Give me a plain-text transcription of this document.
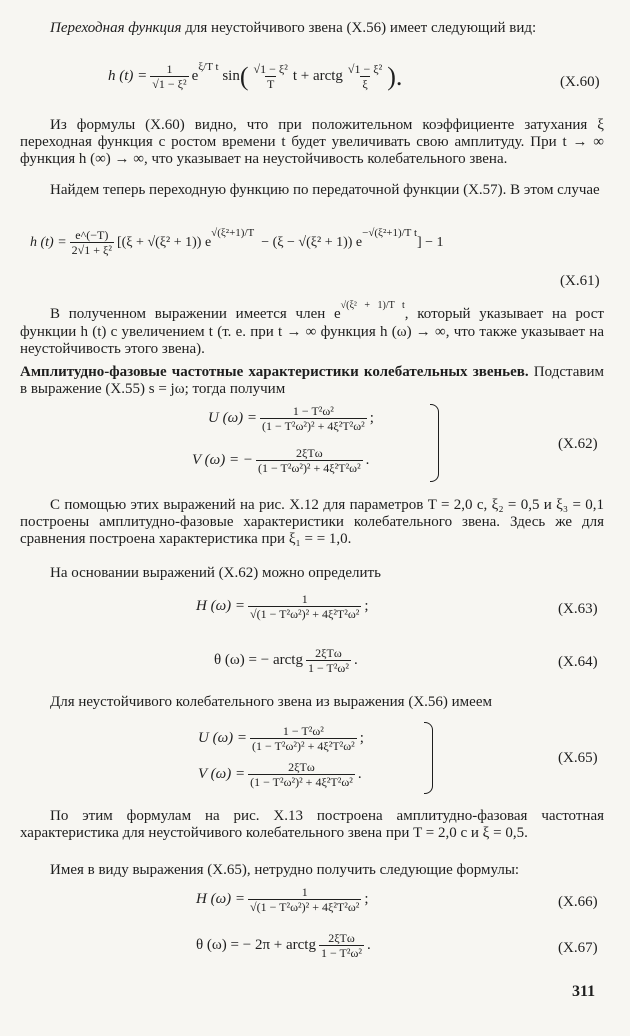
Переходная функция для неустойчивого звена (X.56) имеет следующий вид:
h $(t) = \frac{1}{\text{√1 − ξ²}}$ e
ξ/T t

sin ( $\frac{\text{√1 − ξ²}}{T}$ t + arctg $\frac{\text{√1 − ξ²}}{\xi}$ ).	(X.60)
Из формулы (X.60) видно, что при положительном коэффициенте затухания ξ переходная функция с ростом времени t будет увеличивать свою амплитуду. При t → ∞ функция h (∞) → ∞, что указывает на неустойчивость колебательного звена.
Найдем теперь переходную функцию по передаточной функции (X.57). В этом случае
h $(t) = \frac{e\^{}(-T)}{\text{2√1 + ξ²}} [(\xi + √(\xi^2 + 1))$ e
√(ξ²+1)/T

− (ξ − √(ξ² + 1)) e
−√(ξ²+1)/T t
] − 1
(X.61)
В полученном выражении имеется член $e^{√(\xi^2 + 1)/T t}$, который указывает на рост функции h (t) с увеличением t (т. е. при t → ∞ функция h (ω) → ∞, что также указывает на неустойчивость этого звена).
Амплитудно-фазовые частотные характеристики колебательных звеньев. Подставим в выражение (X.55) s = jω; тогда получим
U $(\omega) = \frac{\text{1 − T²ω²}}{\text{(1 − T²ω²)² + 4ξ²T²ω²}}$ ;
V (ω) = − $\frac{\text{2ξTω}}{\text{(1 − T²ω²)² + 4ξ²T²ω²}}$ .
(X.62)
С помощью этих выражений на рис. X.12 для параметров T = 2,0 с, ξ₂ = 0,5 и ξ₃ = 0,1 построены амплитудно-фазовые характеристики колебательного звена. Здесь же для сравнения построена характеристика при ξ₁ = = 1,0.
На основании выражений (X.62) можно определить
H $(\omega) = \frac{1}{\text{√(1 − T²ω²)² + 4ξ²T²ω²}}$ ;	(X.63)
θ (ω) = − arctg $\frac{\text{2ξTω}}{\text{1 − T²ω²}}$ .	(X.64)
Для неустойчивого колебательного звена из выражения (X.56) имеем
U $(\omega) = \frac{\text{1 − T²ω²}}{\text{(1 − T²ω²)² + 4ξ²T²ω²}}$ ;
V $(\omega) = \frac{\text{2ξTω}}{\text{(1 − T²ω²)² + 4ξ²T²ω²}}$ .
(X.65)
По этим формулам на рис. X.13 построена амплитудно-фазовая частотная характеристика для неустойчивого колебательного звена при T = 2,0 с и ξ = 0,5.
Имея в виду выражения (X.65), нетрудно получить следующие формулы:
H $(\omega) = \frac{1}{\text{√(1 − T²ω²)² + 4ξ²T²ω²}}$ ;	(X.66)
θ (ω) = − 2π + arctg $\frac{\text{2ξTω}}{\text{1 − T²ω²}}$ .	(X.67)
311
